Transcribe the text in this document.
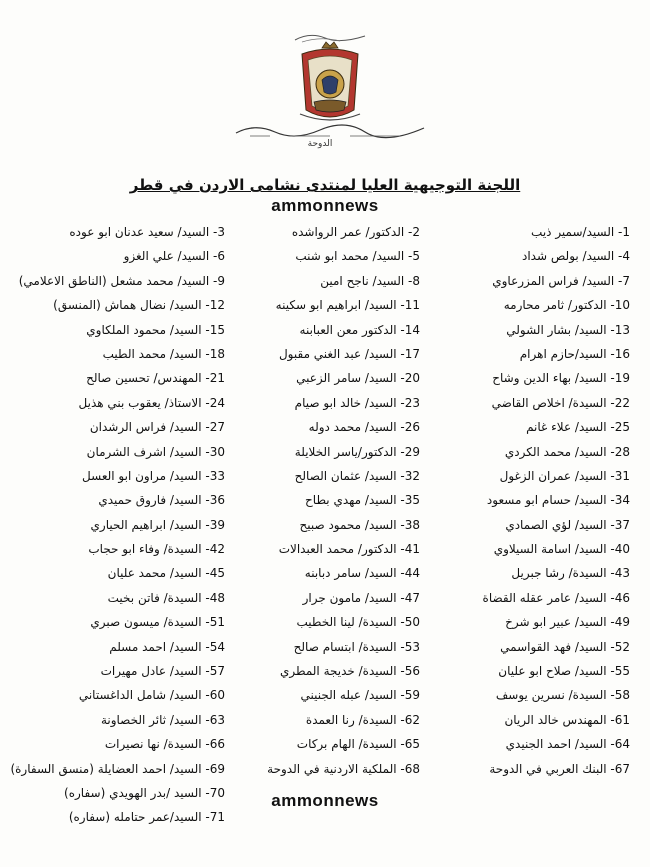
الدوحة
اللجنة التوجيهية العليا لمنتدى نشامى الاردن في قطر
ammonnews
1- السيد/سمير ذيب
4- السيد/ بولص شداد
7- السيد/ فراس المزرعاوي
10- الدكتور/ ثامر محارمه
13- السيد/ بشار الشولي
16- السيد/حازم اهرام
19- السيد/ بهاء الدين وشاح
22- السيدة/ اخلاص القاضي
25- السيد/ علاء غانم
28- السيد/ محمد الكردي
31- السيد/ عمران الزغول
34- السيد/ حسام ابو مسعود
37- السيد/ لؤي الصمادي
40- السيد/ اسامة السيلاوي
43- السيدة/ رشا جبريل
46- السيد/ عامر عقله القضاة
49- السيد/ عبير ابو شرخ
52- السيد/ فهد القواسمي
55- السيد/ صلاح ابو عليان
58- السيدة/ نسرين يوسف
61- المهندس خالد الريان
64- السيد/ احمد الجنيدي
67- البنك العربي في الدوحة
2- الدكتور/ عمر الرواشده
5- السيد/ محمد ابو شنب
8- السيد/ ناجح امين
11- السيد/ ابراهيم ابو سكينه
14- الدكتور معن العبابنه
17- السيد/ عبد الغني مقبول
20- السيد/ سامر الزعبي
23- السيد/ خالد ابو صيام
26- السيد/ محمد دوله
29- الدكتور/ياسر الخلايلة
32- السيد/ عثمان الصالح
35- السيد/ مهدي بطاح
38- السيد/ محمود صبيح
41- الدكتور/ محمد العبدالات
44- السيد/ سامر دبابنه
47- السيد/ مامون جرار
50- السيدة/ لينا الخطيب
53- السيدة/ ابتسام صالح
56- السيدة/ خديجة المطري
59- السيد/ عبله الجنيني
62- السيدة/ رنا العمدة
65- السيدة/ الهام بركات
68- الملكية الاردنية في الدوحة
3- السيد/ سعيد عدنان ابو عوده
6- السيد/ علي الغزو
9- السيد/ محمد مشعل (الناطق الاعلامي)
12- السيد/ نضال هماش (المنسق)
15- السيد/ محمود الملكاوي
18- السيد/ محمد الطيب
21- المهندس/ تحسين صالح
24- الاستاذ/ يعقوب بني هذيل
27- السيد/ فراس الرشدان
30- السيد/ اشرف الشرمان
33- السيد/ مراون ابو العسل
36- السيد/ فاروق حميدي
39- السيد/ ابراهيم الحياري
42- السيدة/ وفاء ابو حجاب
45- السيد/ محمد عليان
48- السيدة/ فاتن بخيت
51- السيدة/ ميسون صبري
54- السيد/ احمد مسلم
57- السيد/ عادل مهيرات
60- السيد/ شامل الداغستاني
63- السيد/ ثائر الخصاونة
66- السيدة/ نها نصيرات
69- السيد/ احمد العضايلة (منسق السفارة)
70- السيد /بدر الهويدي (سفاره)
71- السيد/عمر حتامله (سفاره)
ammonnews
